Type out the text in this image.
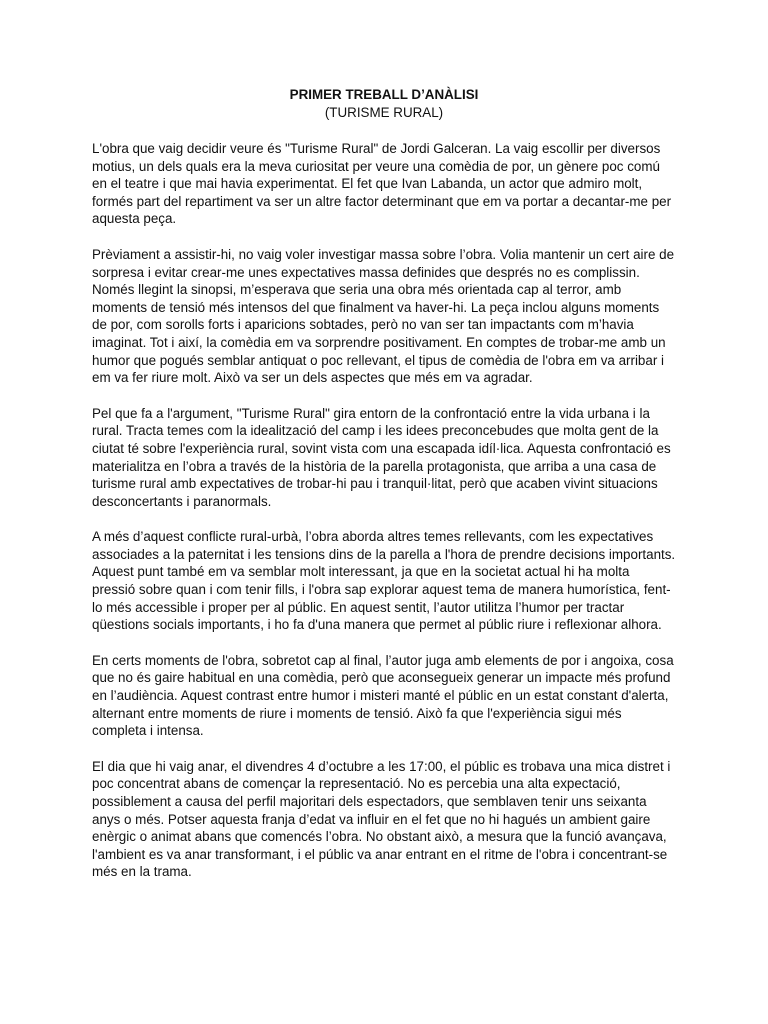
PRIMER TREBALL D’ANÀLISI
(TURISME RURAL)

L'obra que vaig decidir veure és "Turisme Rural" de Jordi Galceran. La vaig escollir per diversos motius, un dels quals era la meva curiositat per veure una comèdia de por, un gènere poc comú en el teatre i que mai havia experimentat. El fet que Ivan Labanda, un actor que admiro molt, formés part del repartiment va ser un altre factor determinant que em va portar a decantar-me per aquesta peça.

Prèviament a assistir-hi, no vaig voler investigar massa sobre l’obra. Volia mantenir un cert aire de sorpresa i evitar crear-me unes expectatives massa definides que després no es complissin. Només llegint la sinopsi, m’esperava que seria una obra més orientada cap al terror, amb moments de tensió més intensos del que finalment va haver-hi. La peça inclou alguns moments de por, com sorolls forts i aparicions sobtades, però no van ser tan impactants com m’havia imaginat. Tot i així, la comèdia em va sorprendre positivament. En comptes de trobar-me amb un humor que pogués semblar antiquat o poc rellevant, el tipus de comèdia de l'obra em va arribar i em va fer riure molt. Això va ser un dels aspectes que més em va agradar.

Pel que fa a l'argument, "Turisme Rural" gira entorn de la confrontació entre la vida urbana i la rural. Tracta temes com la idealització del camp i les idees preconcebudes que molta gent de la ciutat té sobre l'experiència rural, sovint vista com una escapada idíl·lica. Aquesta confrontació es materialitza en l’obra a través de la història de la parella protagonista, que arriba a una casa de turisme rural amb expectatives de trobar-hi pau i tranquil·litat, però que acaben vivint situacions desconcertants i paranormals.

A més d’aquest conflicte rural-urbà, l’obra aborda altres temes rellevants, com les expectatives associades a la paternitat i les tensions dins de la parella a l'hora de prendre decisions importants. Aquest punt també em va semblar molt interessant, ja que en la societat actual hi ha molta pressió sobre quan i com tenir fills, i l'obra sap explorar aquest tema de manera humorística, fent-lo més accessible i proper per al públic. En aquest sentit, l’autor utilitza l’humor per tractar qüestions socials importants, i ho fa d'una manera que permet al públic riure i reflexionar alhora.

En certs moments de l'obra, sobretot cap al final, l’autor juga amb elements de por i angoixa, cosa que no és gaire habitual en una comèdia, però que aconsegueix generar un impacte més profund en l’audiència. Aquest contrast entre humor i misteri manté el públic en un estat constant d'alerta, alternant entre moments de riure i moments de tensió. Això fa que l'experiència sigui més completa i intensa.

El dia que hi vaig anar, el divendres 4 d’octubre a les 17:00, el públic es trobava una mica distret i poc concentrat abans de començar la representació. No es percebia una alta expectació, possiblement a causa del perfil majoritari dels espectadors, que semblaven tenir uns seixanta anys o més. Potser aquesta franja d’edat va influir en el fet que no hi hagués un ambient gaire enèrgic o animat abans que comencés l’obra. No obstant això, a mesura que la funció avançava, l'ambient es va anar transformant, i el públic va anar entrant en el ritme de l'obra i concentrant-se més en la trama.
